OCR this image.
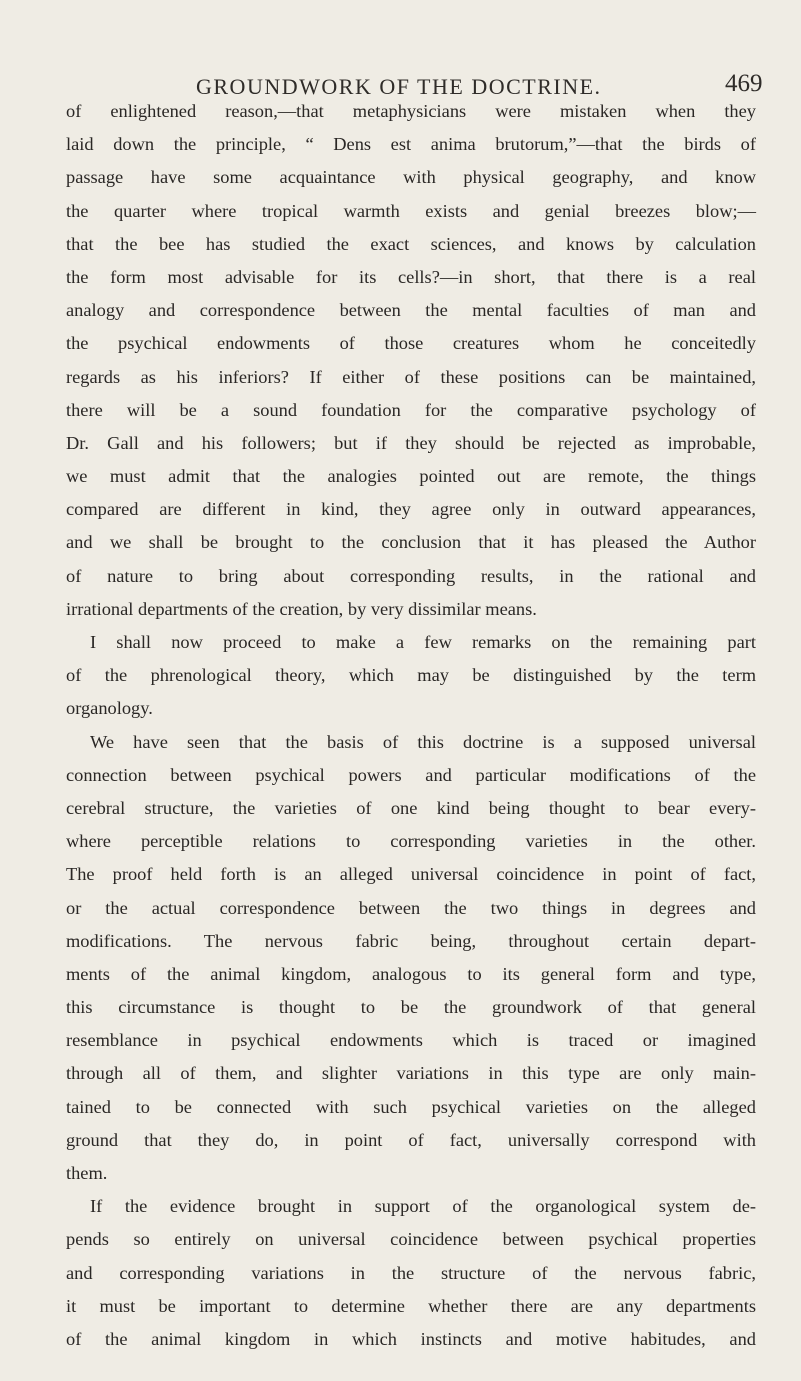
GROUNDWORK OF THE DOCTRINE.	469
of enlightened reason,—that metaphysicians were mistaken when they
laid down the principle, “ Dens est anima brutorum,”—that the birds of
passage have some acquaintance with physical geography, and know
the quarter where tropical warmth exists and genial breezes blow;—
that the bee has studied the exact sciences, and knows by calculation
the form most advisable for its cells?—in short, that there is a real
analogy and correspondence between the mental faculties of man and
the psychical endowments of those creatures whom he conceitedly
regards as his inferiors? If either of these positions can be maintained,
there will be a sound foundation for the comparative psychology of
Dr. Gall and his followers; but if they should be rejected as improbable,
we must admit that the analogies pointed out are remote, the things
compared are different in kind, they agree only in outward appearances,
and we shall be brought to the conclusion that it has pleased the Author
of nature to bring about corresponding results, in the rational and
irrational departments of the creation, by very dissimilar means.
I shall now proceed to make a few remarks on the remaining part
of the phrenological theory, which may be distinguished by the term
organology.
We have seen that the basis of this doctrine is a supposed universal
connection between psychical powers and particular modifications of the
cerebral structure, the varieties of one kind being thought to bear every-
where perceptible relations to corresponding varieties in the other.
The proof held forth is an alleged universal coincidence in point of fact,
or the actual correspondence between the two things in degrees and
modifications. The nervous fabric being, throughout certain depart-
ments of the animal kingdom, analogous to its general form and type,
this circumstance is thought to be the groundwork of that general
resemblance in psychical endowments which is traced or imagined
through all of them, and slighter variations in this type are only main-
tained to be connected with such psychical varieties on the alleged
ground that they do, in point of fact, universally correspond with
them.
If the evidence brought in support of the organological system de-
pends so entirely on universal coincidence between psychical properties
and corresponding variations in the structure of the nervous fabric,
it must be important to determine whether there are any departments
of the animal kingdom in which instincts and motive habitudes, and
